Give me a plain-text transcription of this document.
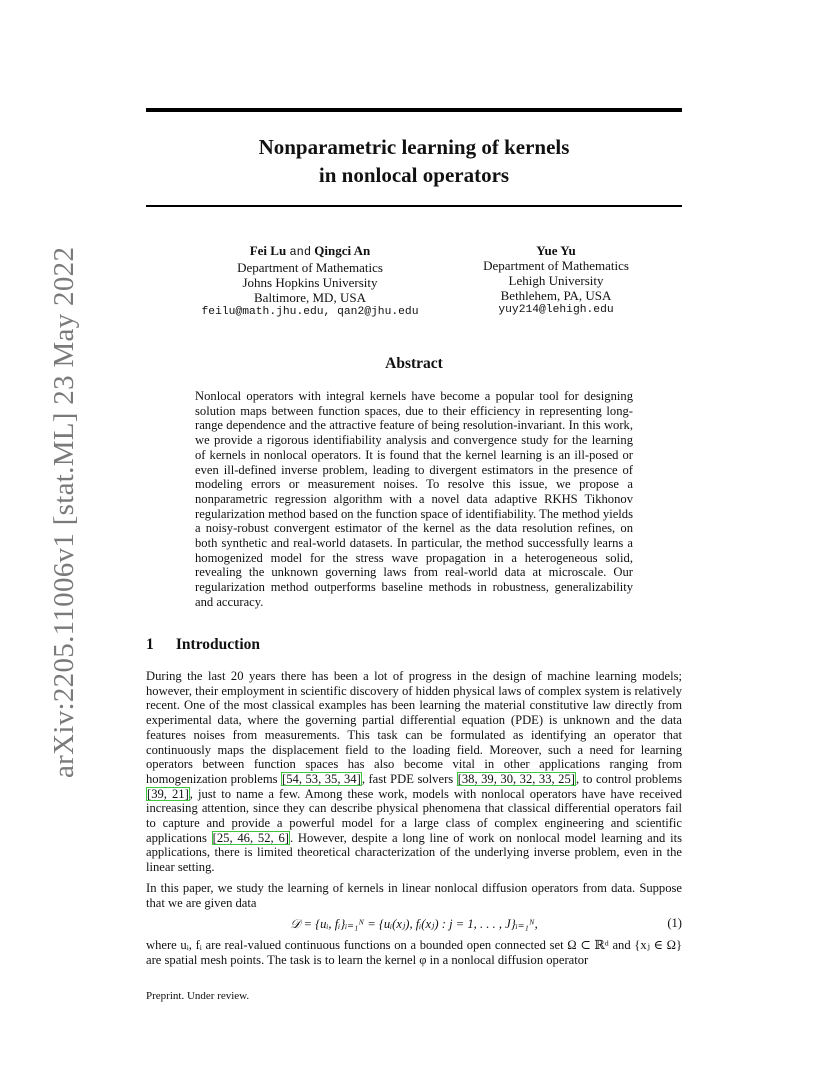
arXiv:2205.11006v1 [stat.ML] 23 May 2022
Nonparametric learning of kernels
in nonlocal operators
Fei Lu and Qingci An
Department of Mathematics
Johns Hopkins University
Baltimore, MD, USA
feilu@math.jhu.edu, qan2@jhu.edu
Yue Yu
Department of Mathematics
Lehigh University
Bethlehem, PA, USA
yuy214@lehigh.edu
Abstract
Nonlocal operators with integral kernels have become a popular tool for designing solution maps between function spaces, due to their efficiency in representing long-range dependence and the attractive feature of being resolution-invariant. In this work, we provide a rigorous identifiability analysis and convergence study for the learning of kernels in nonlocal operators. It is found that the kernel learning is an ill-posed or even ill-defined inverse problem, leading to divergent estimators in the presence of modeling errors or measurement noises. To resolve this issue, we propose a nonparametric regression algorithm with a novel data adaptive RKHS Tikhonov regularization method based on the function space of identifiability. The method yields a noisy-robust convergent estimator of the kernel as the data resolution refines, on both synthetic and real-world datasets. In particular, the method successfully learns a homogenized model for the stress wave propagation in a heterogeneous solid, revealing the unknown governing laws from real-world data at microscale. Our regularization method outperforms baseline methods in robustness, generalizability and accuracy.
1 Introduction
During the last 20 years there has been a lot of progress in the design of machine learning models; however, their employment in scientific discovery of hidden physical laws of complex system is relatively recent. One of the most classical examples has been learning the material constitutive law directly from experimental data, where the governing partial differential equation (PDE) is unknown and the data features noises from measurements. This task can be formulated as identifying an operator that continuously maps the displacement field to the loading field. Moreover, such a need for learning operators between function spaces has also become vital in other applications ranging from homogenization problems [54, 53, 35, 34], fast PDE solvers [38, 39, 30, 32, 33, 25], to control problems [39, 21], just to name a few. Among these work, models with nonlocal operators have have received increasing attention, since they can describe physical phenomena that classical differential operators fail to capture and provide a powerful model for a large class of complex engineering and scientific applications [25, 46, 52, 6]. However, despite a long line of work on nonlocal model learning and its applications, there is limited theoretical characterization of the underlying inverse problem, even in the linear setting.
In this paper, we study the learning of kernels in linear nonlocal diffusion operators from data. Suppose that we are given data
𝒟 = {uᵢ, fᵢ}ᵢ₌₁ᴺ = {uᵢ(xⱼ), fᵢ(xⱼ) : j = 1, . . . , J}ᵢ₌₁ᴺ,	(1)
where uᵢ, fᵢ are real-valued continuous functions on a bounded open connected set Ω ⊂ ℝᵈ and {xⱼ ∈ Ω} are spatial mesh points. The task is to learn the kernel φ in a nonlocal diffusion operator
Preprint. Under review.
